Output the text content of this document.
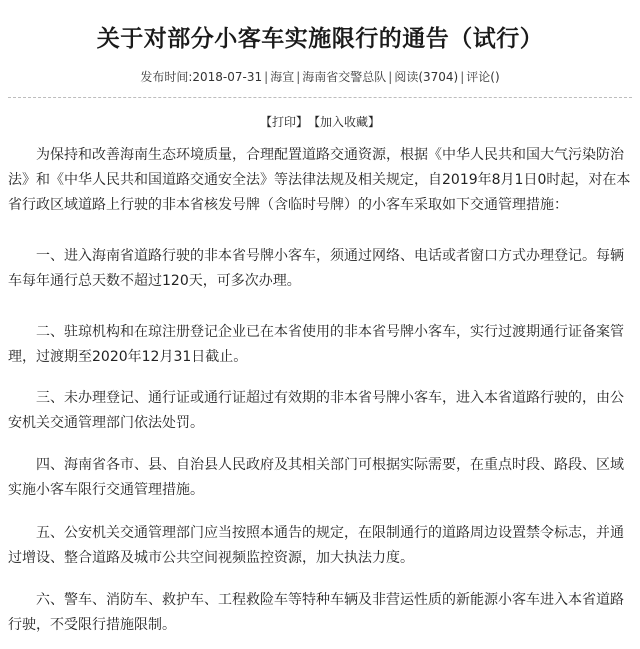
关于对部分小客车实施限行的通告（试行）
发布时间:2018-07-31 | 海宣 | 海南省交警总队 | 阅读(3704) | 评论()
【打印】 【加入收藏】
为保持和改善海南生态环境质量，合理配置道路交通资源，根据《中华人民共和国大气污染防治
法》和《中华人民共和国道路交通安全法》等法律法规及相关规定，自2019年8月1日0时起，对在本
省行政区域道路上行驶的非本省核发号牌（含临时号牌）的小客车采取如下交通管理措施：
一、进入海南省道路行驶的非本省号牌小客车，须通过网络、电话或者窗口方式办理登记。每辆
车每年通行总天数不超过120天，可多次办理。
二、驻琼机构和在琼注册登记企业已在本省使用的非本省号牌小客车，实行过渡期通行证备案管
理，过渡期至2020年12月31日截止。
三、未办理登记、通行证或通行证超过有效期的非本省号牌小客车，进入本省道路行驶的，由公
安机关交通管理部门依法处罚。
四、海南省各市、县、自治县人民政府及其相关部门可根据实际需要，在重点时段、路段、区域
实施小客车限行交通管理措施。
五、公安机关交通管理部门应当按照本通告的规定，在限制通行的道路周边设置禁令标志，并通
过增设、整合道路及城市公共空间视频监控资源，加大执法力度。
六、警车、消防车、救护车、工程救险车等特种车辆及非营运性质的新能源小客车进入本省道路
行驶，不受限行措施限制。
